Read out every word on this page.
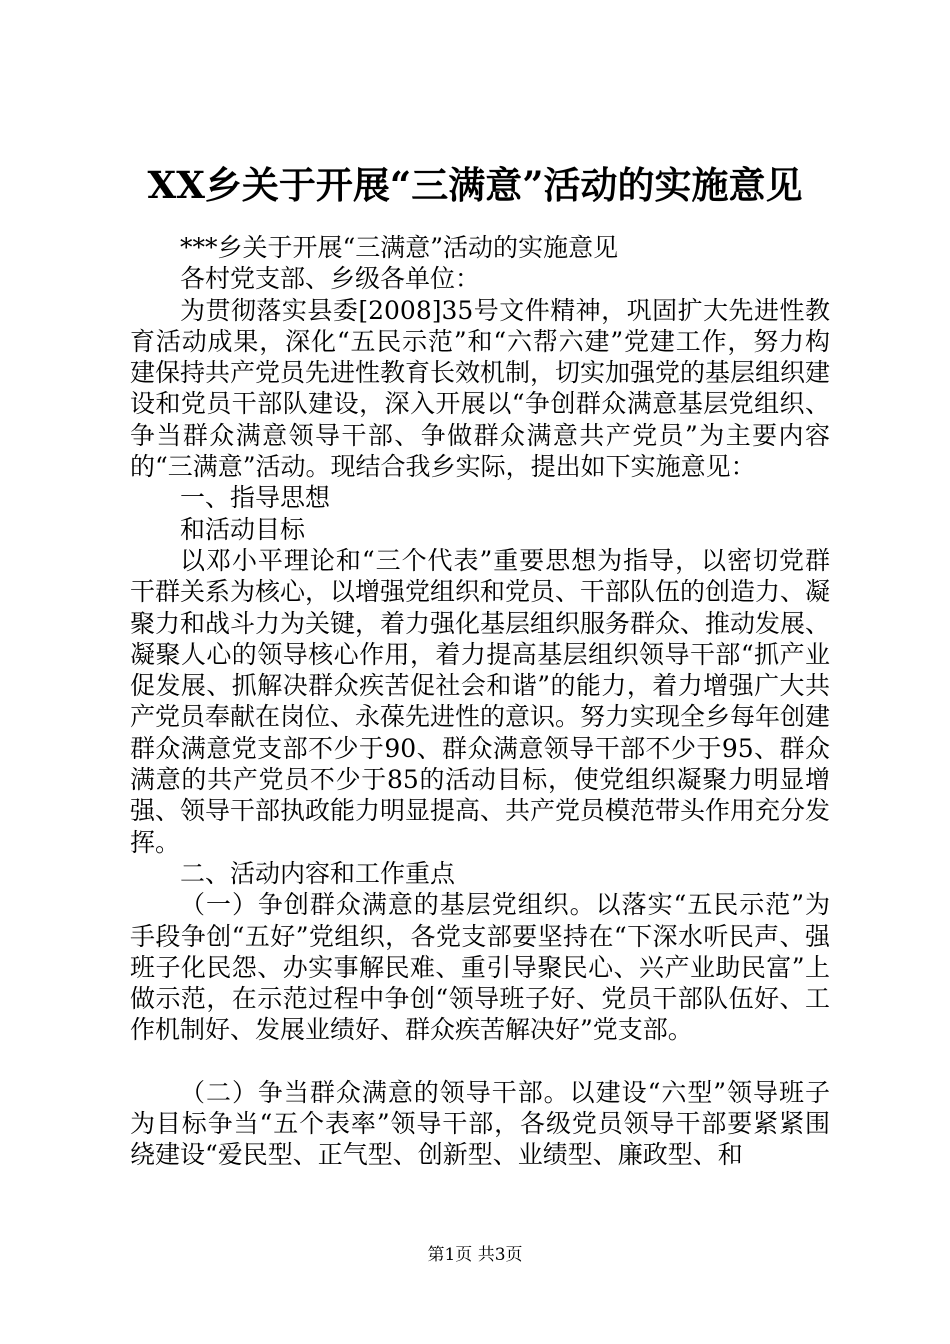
XX乡关于开展“三满意”活动的实施意见

***乡关于开展“三满意”活动的实施意见

各村党支部、乡级各单位：

为贯彻落实县委[2008]35号文件精神，巩固扩大先进性教育活动成果，深化“五民示范”和“六帮六建”党建工作，努力构建保持共产党员先进性教育长效机制，切实加强党的基层组织建设和党员干部队建设，深入开展以“争创群众满意基层党组织、争当群众满意领导干部、争做群众满意共产党员”为主要内容的“三满意”活动。现结合我乡实际，提出如下实施意见：

一、指导思想

和活动目标

以邓小平理论和“三个代表”重要思想为指导，以密切党群干群关系为核心，以增强党组织和党员、干部队伍的创造力、凝聚力和战斗力为关键，着力强化基层组织服务群众、推动发展、凝聚人心的领导核心作用，着力提高基层组织领导干部“抓产业促发展、抓解决群众疾苦促社会和谐”的能力，着力增强广大共产党员奉献在岗位、永葆先进性的意识。努力实现全乡每年创建群众满意党支部不少于90、群众满意领导干部不少于95、群众满意的共产党员不少于85的活动目标，使党组织凝聚力明显增强、领导干部执政能力明显提高、共产党员模范带头作用充分发挥。

二、活动内容和工作重点

（一）争创群众满意的基层党组织。以落实“五民示范”为手段争创“五好”党组织，各党支部要坚持在“下深水听民声、强班子化民怨、办实事解民难、重引导聚民心、兴产业助民富”上做示范，在示范过程中争创“领导班子好、党员干部队伍好、工作机制好、发展业绩好、群众疾苦解决好”党支部。

（二）争当群众满意的领导干部。以建设“六型”领导班子为目标争当“五个表率”领导干部，各级党员领导干部要紧紧围绕建设“爱民型、正气型、创新型、业绩型、廉政型、和

第1页 共3页
